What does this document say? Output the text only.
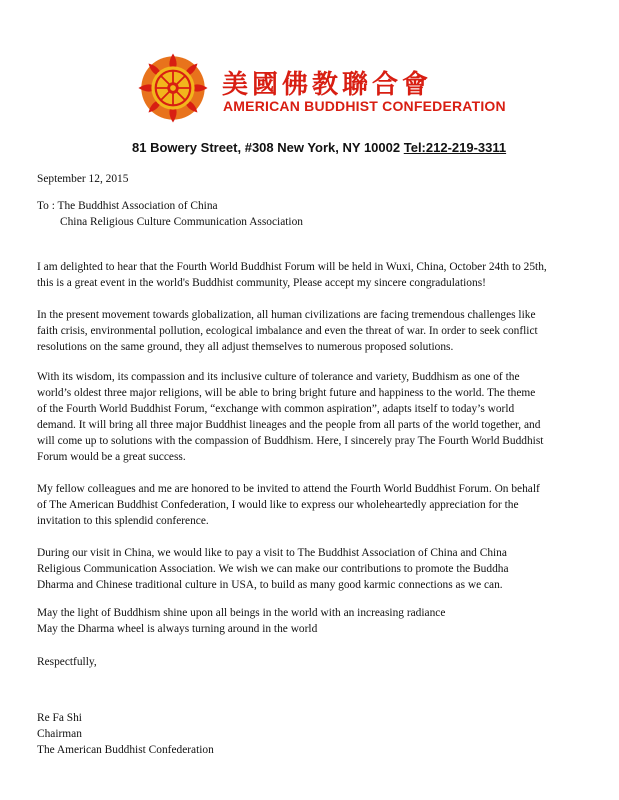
美國佛教聯合會
AMERICAN BUDDHIST CONFEDERATION
81 Bowery Street, #308 New York, NY 10002 Tel:212-219-3311

September 12, 2015

To : The Buddhist Association of China

China Religious Culture Communication Association

I am delighted to hear that the Fourth World Buddhist Forum will be held in Wuxi, China, October 24th to 25th,
this is a great event in the world's Buddhist community, Please accept my sincere congradulations!

In the present movement towards globalization, all human civilizations are facing tremendous challenges like
faith crisis, environmental pollution, ecological imbalance and even the threat of war. In order to seek conflict
resolutions on the same ground, they all adjust themselves to numerous proposed solutions.

With its wisdom, its compassion and its inclusive culture of tolerance and variety, Buddhism as one of the
world’s oldest three major religions, will be able to bring bright future and happiness to the world. The theme
of the Fourth World Buddhist Forum, “exchange with common aspiration”, adapts itself to today’s world
demand. It will bring all three major Buddhist lineages and the people from all parts of the world together, and
will come up to solutions with the compassion of Buddhism. Here, I sincerely pray The Fourth World Buddhist
Forum would be a great success.

My fellow colleagues and me are honored to be invited to attend the Fourth World Buddhist Forum. On behalf
of The American Buddhist Confederation, I would like to express our wholeheartedly appreciation for the
invitation to this splendid conference.

During our visit in China, we would like to pay a visit to The Buddhist Association of China and China
Religious Communication Association. We wish we can make our contributions to promote the Buddha
Dharma and Chinese traditional culture in USA, to build as many good karmic connections as we can.

May the light of Buddhism shine upon all beings in the world with an increasing radiance
May the Dharma wheel is always turning around in the world

Respectfully,

Re Fa Shi

Chairman

The American Buddhist Confederation
